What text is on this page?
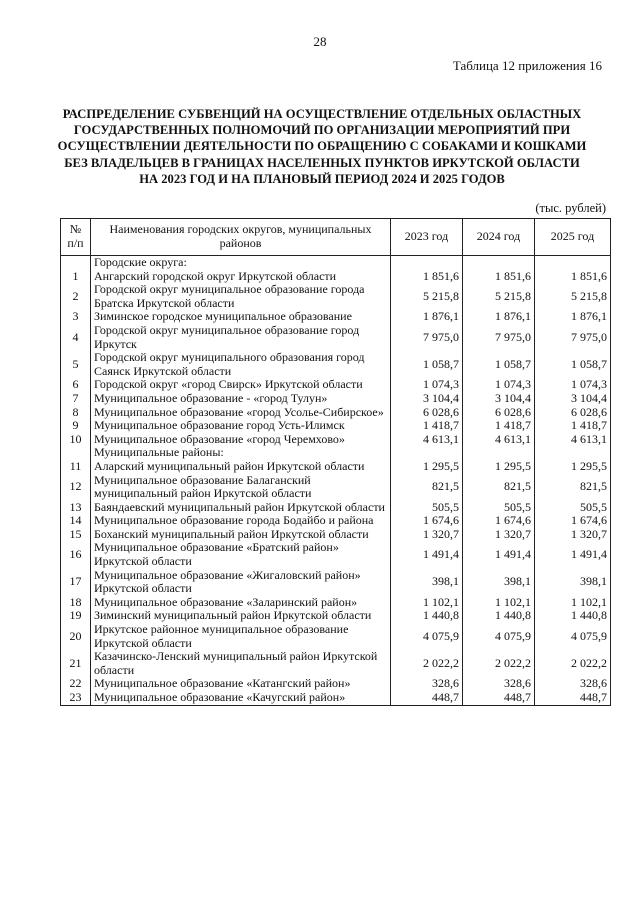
28
Таблица 12 приложения 16
РАСПРЕДЕЛЕНИЕ СУБВЕНЦИЙ НА ОСУЩЕСТВЛЕНИЕ ОТДЕЛЬНЫХ ОБЛАСТНЫХ
ГОСУДАРСТВЕННЫХ ПОЛНОМОЧИЙ ПО ОРГАНИЗАЦИИ МЕРОПРИЯТИЙ ПРИ
ОСУЩЕСТВЛЕНИИ ДЕЯТЕЛЬНОСТИ ПО ОБРАЩЕНИЮ С СОБАКАМИ И КОШКАМИ
БЕЗ ВЛАДЕЛЬЦЕВ В ГРАНИЦАХ НАСЕЛЕННЫХ ПУНКТОВ ИРКУТСКОЙ ОБЛАСТИ
НА 2023 ГОД И НА ПЛАНОВЫЙ ПЕРИОД 2024 И 2025 ГОДОВ
(тыс. рублей)
№ п/п	Наименования городских округов, муниципальных районов	2023 год	2024 год	2025 год
	Городские округа:			
1	Ангарский городской округ Иркутской области	1 851,6	1 851,6	1 851,6
2	Городской округ муниципальное образование города Братска Иркутской области	5 215,8	5 215,8	5 215,8
3	Зиминское городское муниципальное образование	1 876,1	1 876,1	1 876,1
4	Городской округ муниципальное образование город Иркутск	7 975,0	7 975,0	7 975,0
5	Городской округ муниципального образования город Саянск Иркутской области	1 058,7	1 058,7	1 058,7
6	Городской округ «город Свирск» Иркутской области	1 074,3	1 074,3	1 074,3
7	Муниципальное образование - «город Тулун»	3 104,4	3 104,4	3 104,4
8	Муниципальное образование «город Усолье-Сибирское»	6 028,6	6 028,6	6 028,6
9	Муниципальное образование город Усть-Илимск	1 418,7	1 418,7	1 418,7
10	Муниципальное образование «город Черемхово»	4 613,1	4 613,1	4 613,1
	Муниципальные районы:			
11	Аларский муниципальный район Иркутской области	1 295,5	1 295,5	1 295,5
12	Муниципальное образование Балаганский муниципальный район Иркутской области	821,5	821,5	821,5
13	Баяндаевский муниципальный район Иркутской области	505,5	505,5	505,5
14	Муниципальное образование города Бодайбо и района	1 674,6	1 674,6	1 674,6
15	Боханский муниципальный район Иркутской области	1 320,7	1 320,7	1 320,7
16	Муниципальное образование «Братский район» Иркутской области	1 491,4	1 491,4	1 491,4
17	Муниципальное образование «Жигаловский район» Иркутской области	398,1	398,1	398,1
18	Муниципальное образование «Заларинский район»	1 102,1	1 102,1	1 102,1
19	Зиминский муниципальный район Иркутской области	1 440,8	1 440,8	1 440,8
20	Иркутское районное муниципальное образование Иркутской области	4 075,9	4 075,9	4 075,9
21	Казачинско-Ленский муниципальный район Иркутской области	2 022,2	2 022,2	2 022,2
22	Муниципальное образование «Катангский район»	328,6	328,6	328,6
23	Муниципальное образование «Качугский район»	448,7	448,7	448,7
